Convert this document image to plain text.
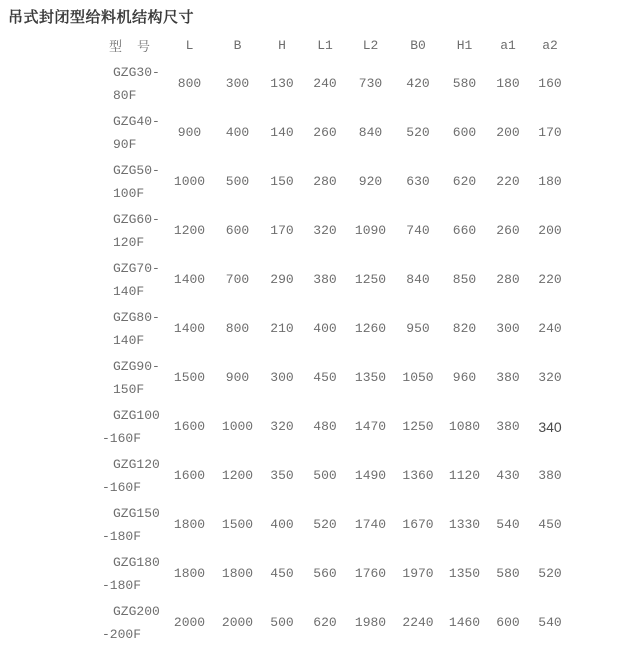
吊式封闭型给料机结构尺寸
型　号	L	B	H	L1	L2	B0	H1	a1	a2

GZG30-
80F	800	300	130	240	730	420	580	180	160

GZG40-
90F	900	400	140	260	840	520	600	200	170

GZG50-
100F	1000	500	150	280	920	630	620	220	180

GZG60-
120F	1200	600	170	320	1090	740	660	260	200

GZG70-
140F	1400	700	290	380	1250	840	850	280	220

GZG80-
140F	1400	800	210	400	1260	950	820	300	240

GZG90-
150F	1500	900	300	450	1350	1050	960	380	320

GZG100
-160F	1600	1000	320	480	1470	1250	1080	380	340

GZG120
-160F	1600	1200	350	500	1490	1360	1120	430	380

GZG150
-180F	1800	1500	400	520	1740	1670	1330	540	450

GZG180
-180F	1800	1800	450	560	1760	1970	1350	580	520

GZG200
-200F	2000	2000	500	620	1980	2240	1460	600	540
